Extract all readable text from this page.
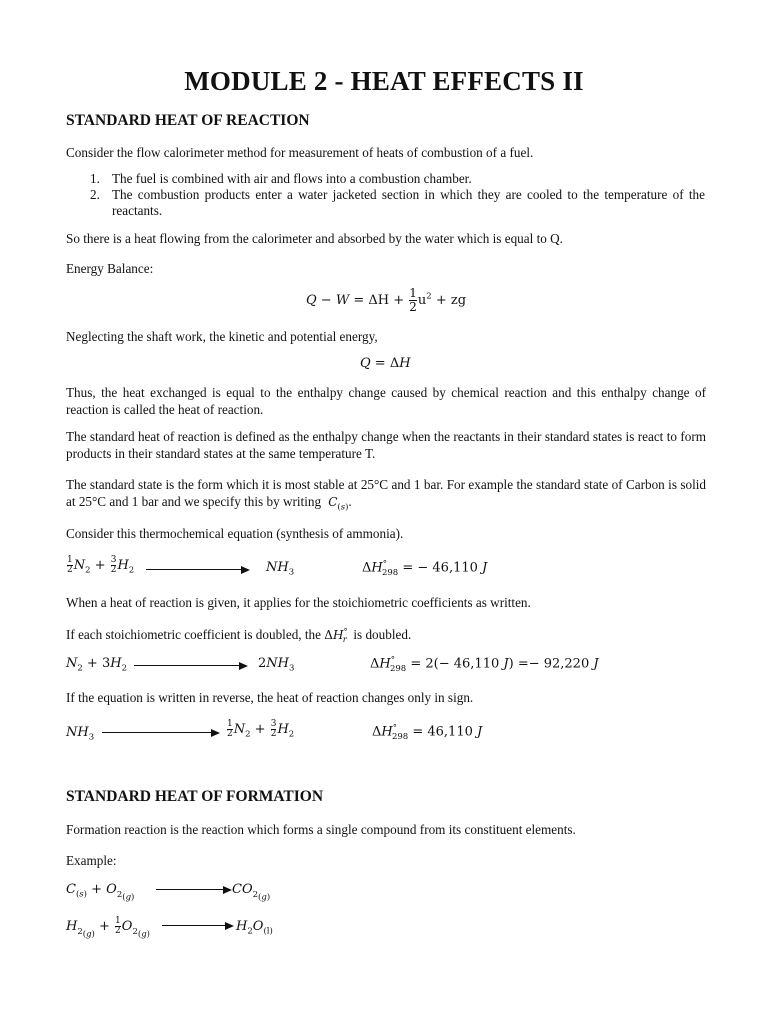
MODULE 2 - HEAT EFFECTS II
STANDARD HEAT OF REACTION
Consider the flow calorimeter method for measurement of heats of combustion of a fuel.
1. The fuel is combined with air and flows into a combustion chamber.
2. The combustion products enter a water jacketed section in which they are cooled to the temperature of the reactants.
So there is a heat flowing from the calorimeter and absorbed by the water which is equal to Q.
Energy Balance:
$Q - W = \Delta H + \frac{1}{2} u^2$ + zg
Neglecting the shaft work, the kinetic and potential energy,
Q = ΔH
Thus, the heat exchanged is equal to the enthalpy change caused by chemical reaction and this enthalpy change of reaction is called the heat of reaction.
The standard heat of reaction is defined as the enthalpy change when the reactants in their standard states is react to form products in their standard states at the same temperature T.
The standard state is the form which it is most stable at 25°C and 1 bar. For example the standard state of Carbon is solid at 25°C and 1 bar and we specify this by writing $C_{(s)}$.
Consider this thermochemical equation (synthesis of ammonia).
$\frac{1}{2} N_2 + \frac{3}{2} H_2$	$NH_3$	$\Delta H^\circ_{298}$ = − 46,110 J
When a heat of reaction is given, it applies for the stoichiometric coefficients as written.
If each stoichiometric coefficient is doubled, the $\Delta H^\circ_r$ is doubled.
$N_2 + 3H_2$	$2NH_3$	$\Delta H^\circ_{298} = 2(- 46,110$ J) =− 92,220 J
If the equation is written in reverse, the heat of reaction changes only in sign.
$NH_3$	$\frac{1}{2} N_2 + \frac{3}{2} H_2$	$\Delta H^\circ_{298} = 46,110$ J
STANDARD HEAT OF FORMATION
Formation reaction is the reaction which forms a single compound from its constituent elements.
Example:
$C_{(s)} + O_{2_{(g)}}$
$CO_{2_{(g)}}$
$H_{2_{(g)}} + \frac{1}{2} O_{2_{(g)}}$
$H_2O_{(l)}$
